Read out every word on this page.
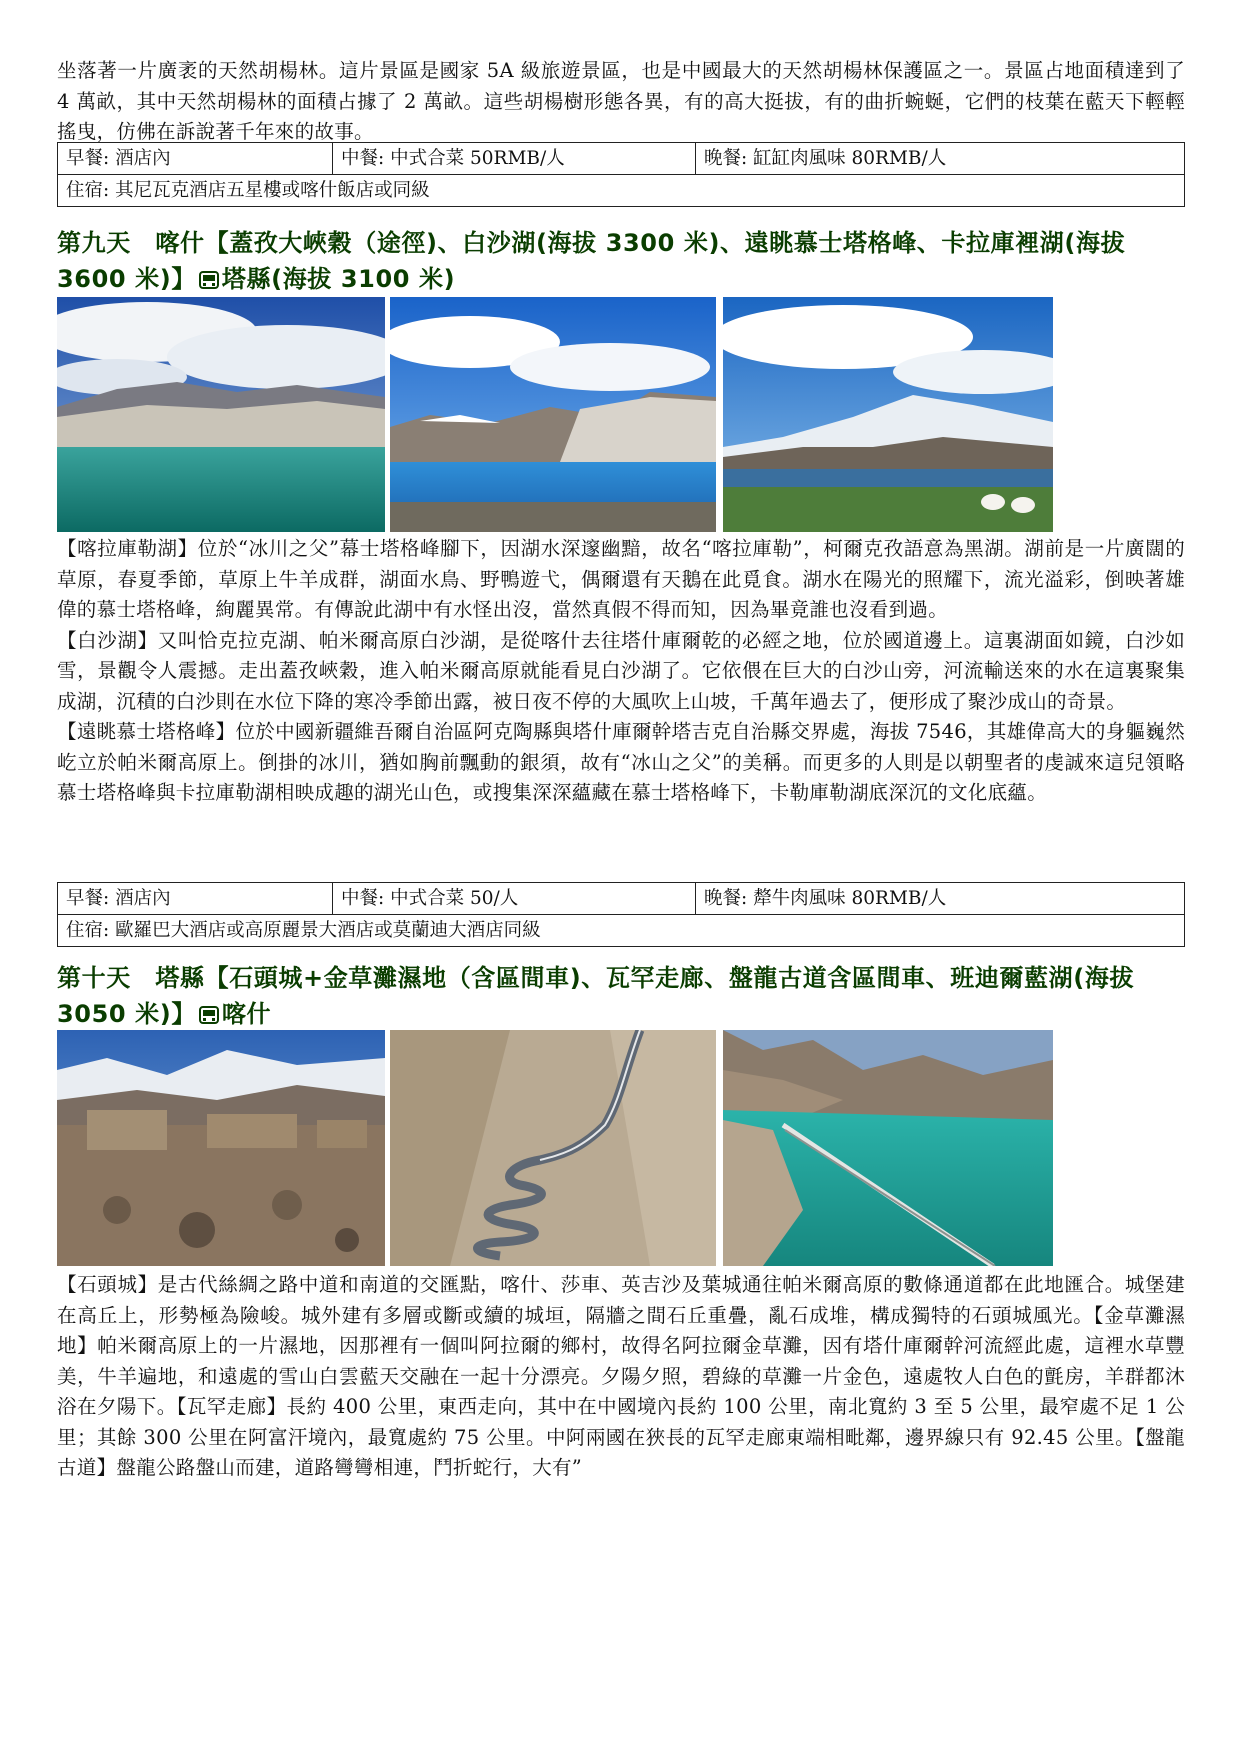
坐落著一片廣袤的天然胡楊林。這片景區是國家 5A 級旅遊景區，也是中國最大的天然胡楊林保護區之一。景區占地面積達到了 4 萬畝，其中天然胡楊林的面積占據了 2 萬畝。這些胡楊樹形態各異，有的高大挺拔，有的曲折蜿蜒，它們的枝葉在藍天下輕輕搖曳，仿佛在訴說著千年來的故事。

早餐: 酒店內	中餐: 中式合菜 50RMB/人	晚餐: 缸缸肉風味 80RMB/人
住宿: 其尼瓦克酒店五星樓或喀什飯店或同級
第九天　喀什【蓋孜大峽穀（途徑)、白沙湖(海拔 3300 米)、遠眺慕士塔格峰、卡拉庫裡湖(海拔 3600 米)】 塔縣(海拔 3100 米)

【喀拉庫勒湖】位於“冰川之父”幕士塔格峰腳下，因湖水深邃幽黯，故名“喀拉庫勒”，柯爾克孜語意為黑湖。湖前是一片廣闊的草原，春夏季節，草原上牛羊成群，湖面水鳥、野鴨遊弋，偶爾還有天鵝在此覓食。湖水在陽光的照耀下，流光溢彩，倒映著雄偉的慕士塔格峰，絢麗異常。有傳說此湖中有水怪出沒，當然真假不得而知，因為畢竟誰也沒看到過。

【白沙湖】又叫恰克拉克湖、帕米爾高原白沙湖，是從喀什去往塔什庫爾乾的必經之地，位於國道邊上。這裏湖面如鏡，白沙如雪，景觀令人震撼。走出蓋孜峽穀，進入帕米爾高原就能看見白沙湖了。它依偎在巨大的白沙山旁，河流輸送來的水在這裏聚集成湖，沉積的白沙則在水位下降的寒冷季節出露，被日夜不停的大風吹上山坡，千萬年過去了，便形成了聚沙成山的奇景。

【遠眺慕士塔格峰】位於中國新疆維吾爾自治區阿克陶縣與塔什庫爾幹塔吉克自治縣交界處，海拔 7546，其雄偉高大的身軀巍然屹立於帕米爾高原上。倒掛的冰川，猶如胸前飄動的銀須，故有“冰山之父”的美稱。而更多的人則是以朝聖者的虔誠來這兒領略慕士塔格峰與卡拉庫勒湖相映成趣的湖光山色，或搜集深深蘊藏在慕士塔格峰下，卡勒庫勒湖底深沉的文化底蘊。

早餐: 酒店內	中餐: 中式合菜 50/人	晚餐: 犛牛肉風味 80RMB/人
住宿: 歐羅巴大酒店或高原麗景大酒店或莫蘭迪大酒店同級
第十天　塔縣【石頭城+金草灘濕地（含區間車)、瓦罕走廊、盤龍古道含區間車、班迪爾藍湖(海拔 3050 米)】 喀什

【石頭城】是古代絲綢之路中道和南道的交匯點，喀什、莎車、英吉沙及葉城通往帕米爾高原的數條通道都在此地匯合。城堡建在高丘上，形勢極為險峻。城外建有多層或斷或續的城垣，隔牆之間石丘重疊，亂石成堆，構成獨特的石頭城風光。【金草灘濕地】帕米爾高原上的一片濕地，因那裡有一個叫阿拉爾的鄉村，故得名阿拉爾金草灘，因有塔什庫爾幹河流經此處，這裡水草豐美，牛羊遍地，和遠處的雪山白雲藍天交融在一起十分漂亮。夕陽夕照，碧綠的草灘一片金色，遠處牧人白色的氈房，羊群都沐浴在夕陽下。【瓦罕走廊】長約 400 公里，東西走向，其中在中國境內長約 100 公里，南北寬約 3 至 5 公里，最窄處不足 1 公里；其餘 300 公里在阿富汗境內，最寬處約 75 公里。中阿兩國在狹長的瓦罕走廊東端相毗鄰，邊界線只有 92.45 公里。【盤龍古道】盤龍公路盤山而建，道路彎彎相連，鬥折蛇行，大有”
